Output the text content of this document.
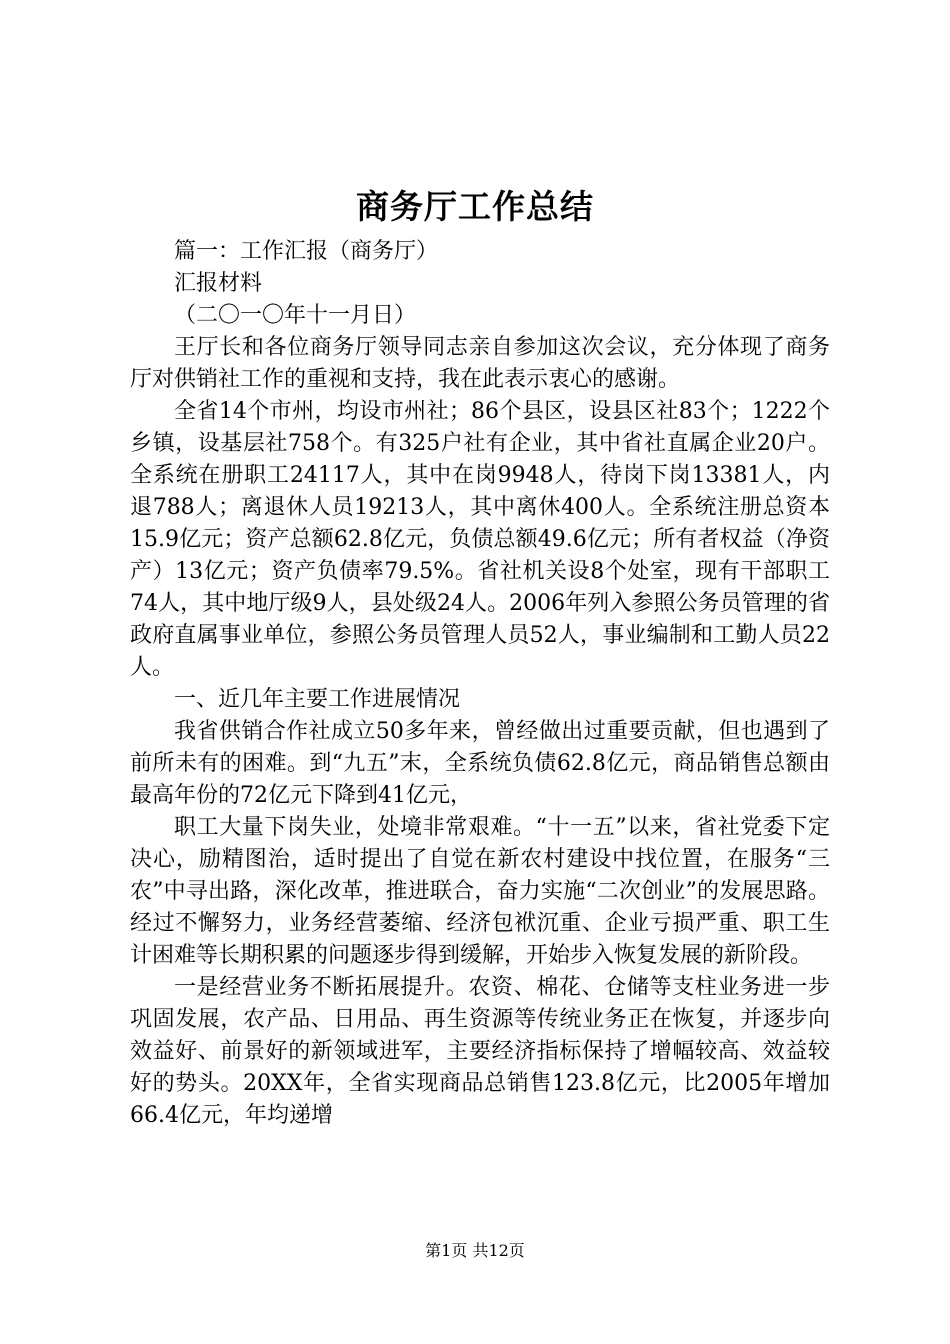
商务厅工作总结

篇一：工作汇报（商务厅）

汇报材料

（二〇一〇年十一月日）

王厅长和各位商务厅领导同志亲自参加这次会议，充分体现了商务厅对供销社工作的重视和支持，我在此表示衷心的感谢。

全省14个市州，均设市州社；86个县区，设县区社83个；1222个乡镇，设基层社758个。有325户社有企业，其中省社直属企业20户。全系统在册职工24117人，其中在岗9948人，待岗下岗13381人，内退788人；离退休人员19213人，其中离休400人。全系统注册总资本15.9亿元；资产总额62.8亿元，负债总额49.6亿元；所有者权益（净资产）13亿元；资产负债率79.5%。省社机关设8个处室，现有干部职工74人，其中地厅级9人，县处级24人。2006年列入参照公务员管理的省政府直属事业单位，参照公务员管理人员52人，事业编制和工勤人员22人。

一、近几年主要工作进展情况

我省供销合作社成立50多年来，曾经做出过重要贡献，但也遇到了前所未有的困难。到“九五”末，全系统负债62.8亿元，商品销售总额由最高年份的72亿元下降到41亿元，

职工大量下岗失业，处境非常艰难。“十一五”以来，省社党委下定决心，励精图治，适时提出了自觉在新农村建设中找位置，在服务“三农”中寻出路，深化改革，推进联合，奋力实施“二次创业”的发展思路。经过不懈努力，业务经营萎缩、经济包袱沉重、企业亏损严重、职工生计困难等长期积累的问题逐步得到缓解，开始步入恢复发展的新阶段。

一是经营业务不断拓展提升。农资、棉花、仓储等支柱业务进一步巩固发展，农产品、日用品、再生资源等传统业务正在恢复，并逐步向效益好、前景好的新领域进军，主要经济指标保持了增幅较高、效益较好的势头。20XX年，全省实现商品总销售123.8亿元，比2005年增加66.4亿元，年均递增

第1页 共12页
